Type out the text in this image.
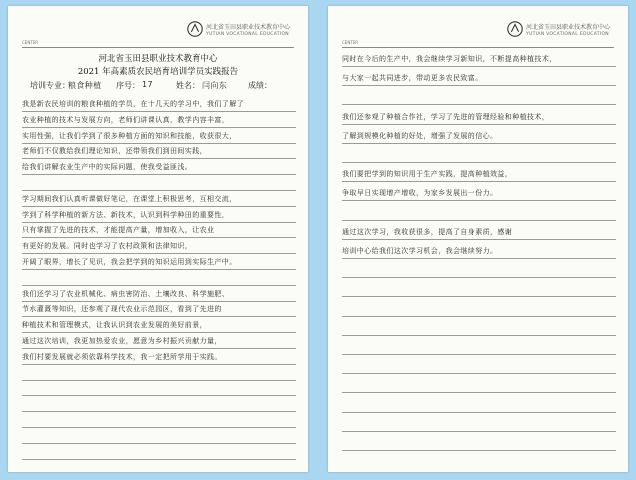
河北省玉田县职业技术教育中心
YUTIAN VOCATIONAL EDUCATION
CENTER
河北省玉田县职业技术教育中心
2021 年高素质农民培育培训学员实践报告
培训专业：
粮食种植 序号： 17	姓名： 闫向东	成绩：
我是新农民培训的粮食种植的学员，在十几天的学习中，我们了解了
农业种植的技术与发展方向，老师们讲课认真，教学内容丰富，
实用性强，让我们学到了很多种植方面的知识和技能，收获很大，
老师们不仅教给我们理论知识，还带领我们到田间实践，
给我们讲解农业生产中的实际问题，使我受益匪浅。
学习期间我们认真听课做好笔记，在课堂上积极思考，互相交流，
学到了科学种植的新方法、新技术，认识到科学种田的重要性，
只有掌握了先进的技术，才能提高产量，增加收入，让农业
有更好的发展。同时也学习了农村政策和法律知识，
开阔了眼界，增长了见识，我会把学到的知识运用到实际生产中。
我们还学习了农业机械化、病虫害防治、土壤改良、科学施肥、
节水灌溉等知识，还参观了现代农业示范园区，看到了先进的
种植技术和管理模式，让我认识到农业发展的美好前景，
通过这次培训，我更加热爱农业，愿意为乡村振兴贡献力量，
我们村要发展就必须依靠科学技术，我一定把所学用于实践。
河北省玉田县职业技术教育中心
YUTIAN VOCATIONAL EDUCATION
CENTER
同时在今后的生产中，我会继续学习新知识，不断提高种植技术，
与大家一起共同进步，带动更多农民致富。
我们还参观了种植合作社，学习了先进的管理经验和种植技术，
了解到规模化种植的好处，增强了发展的信心。
我们要把学到的知识用于生产实践，提高种植效益，
争取早日实现增产增收，为家乡发展出一份力。
通过这次学习，我收获很多，提高了自身素质，感谢
培训中心给我们这次学习机会，我会继续努力。
